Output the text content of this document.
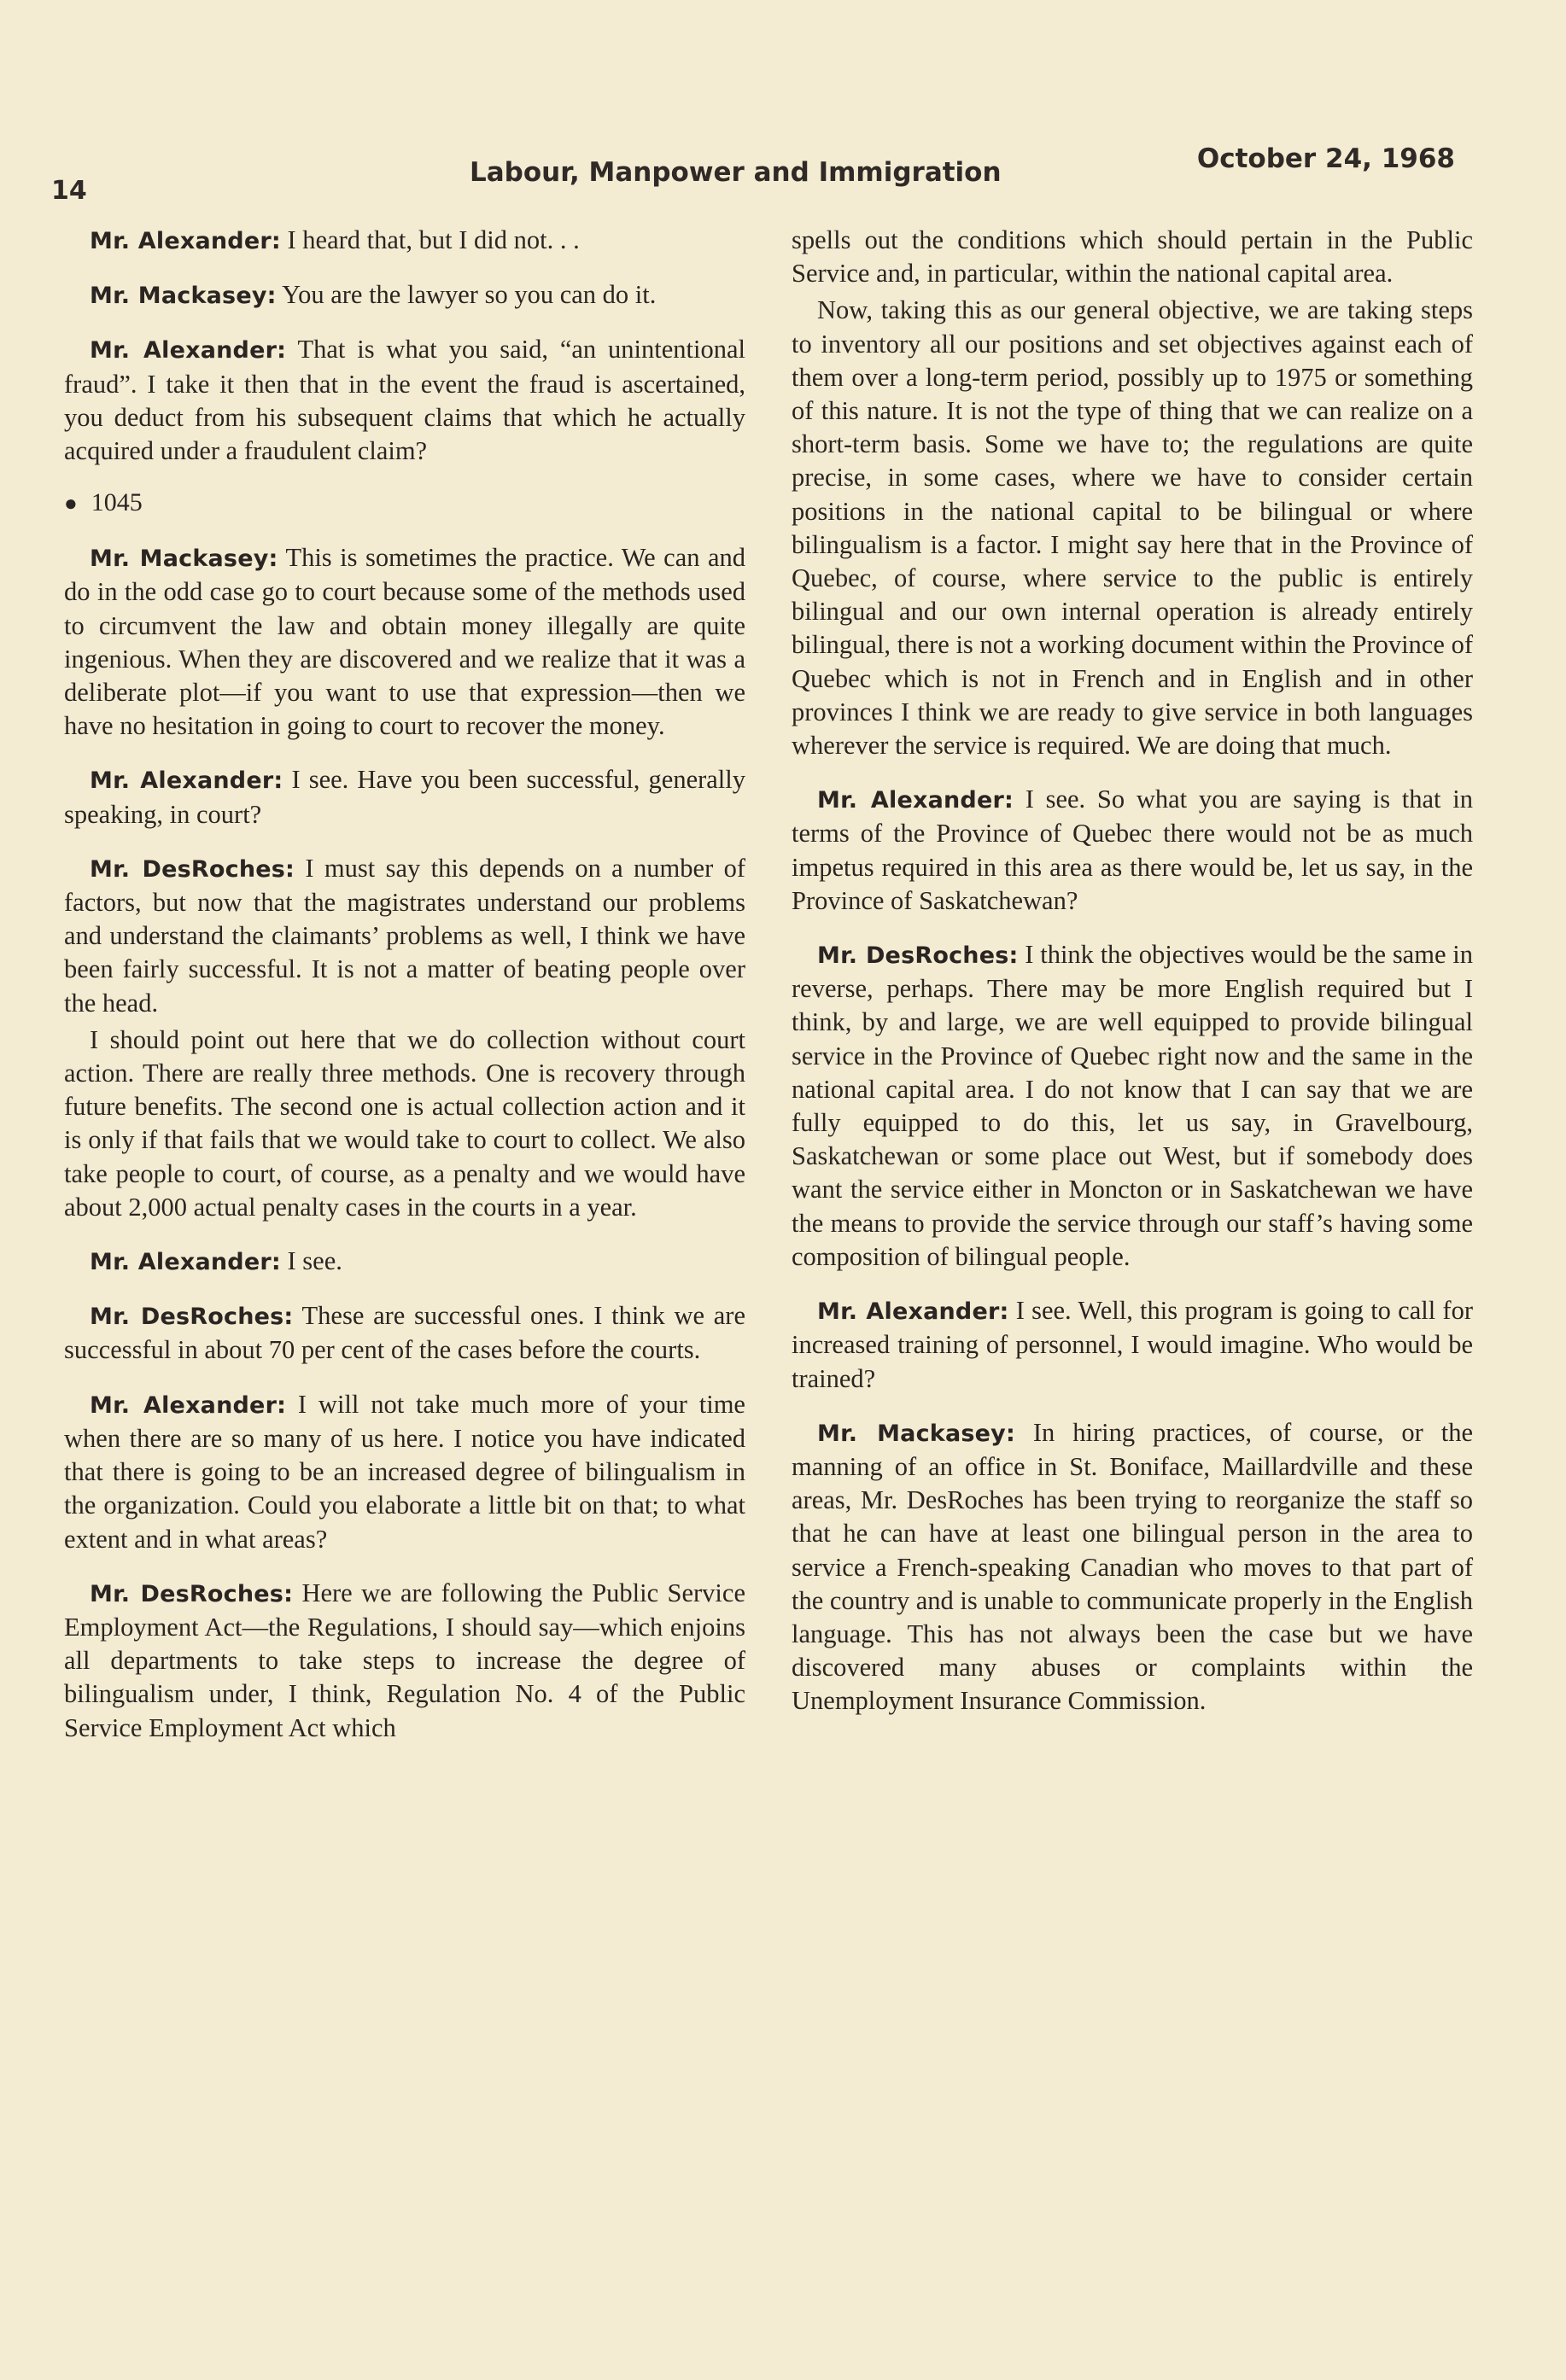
14
Labour, Manpower and Immigration	October 24, 1968

Mr. Alexander: I heard that, but I did not. . .

Mr. Mackasey: You are the lawyer so you can do it.

Mr. Alexander: That is what you said, “an unintentional fraud”. I take it then that in the event the fraud is ascertained, you deduct from his subsequent claims that which he actually acquired under a fraudulent claim?

● 1045

Mr. Mackasey: This is sometimes the practice. We can and do in the odd case go to court because some of the methods used to circumvent the law and obtain money illegally are quite ingenious. When they are discovered and we realize that it was a deliberate plot—if you want to use that expression—then we have no hesitation in going to court to recover the money.

Mr. Alexander: I see. Have you been successful, generally speaking, in court?

Mr. DesRoches: I must say this depends on a number of factors, but now that the magistrates understand our problems and understand the claimants’ problems as well, I think we have been fairly successful. It is not a matter of beating people over the head.

I should point out here that we do collection without court action. There are really three methods. One is recovery through future benefits. The second one is actual collection action and it is only if that fails that we would take to court to collect. We also take people to court, of course, as a penalty and we would have about 2,000 actual penalty cases in the courts in a year.

Mr. Alexander: I see.

Mr. DesRoches: These are successful ones. I think we are successful in about 70 per cent of the cases before the courts.

Mr. Alexander: I will not take much more of your time when there are so many of us here. I notice you have indicated that there is going to be an increased degree of bilingualism in the organization. Could you elaborate a little bit on that; to what extent and in what areas?

Mr. DesRoches: Here we are following the Public Service Employment Act—the Regulations, I should say—which enjoins all departments to take steps to increase the degree of bilingualism under, I think, Regulation No. 4 of the Public Service Employment Act which

spells out the conditions which should pertain in the Public Service and, in particular, within the national capital area.

Now, taking this as our general objective, we are taking steps to inventory all our positions and set objectives against each of them over a long-term period, possibly up to 1975 or something of this nature. It is not the type of thing that we can realize on a short-term basis. Some we have to; the regulations are quite precise, in some cases, where we have to consider certain positions in the national capital to be bilingual or where bilingualism is a factor. I might say here that in the Province of Quebec, of course, where service to the public is entirely bilingual and our own internal operation is already entirely bilingual, there is not a working document within the Province of Quebec which is not in French and in English and in other provinces I think we are ready to give service in both languages wherever the service is required. We are doing that much.

Mr. Alexander: I see. So what you are saying is that in terms of the Province of Quebec there would not be as much impetus required in this area as there would be, let us say, in the Province of Saskatchewan?

Mr. DesRoches: I think the objectives would be the same in reverse, perhaps. There may be more English required but I think, by and large, we are well equipped to provide bilingual service in the Province of Quebec right now and the same in the national capital area. I do not know that I can say that we are fully equipped to do this, let us say, in Gravelbourg, Saskatchewan or some place out West, but if somebody does want the service either in Moncton or in Saskatchewan we have the means to provide the service through our staff’s having some composition of bilingual people.

Mr. Alexander: I see. Well, this program is going to call for increased training of personnel, I would imagine. Who would be trained?

Mr. Mackasey: In hiring practices, of course, or the manning of an office in St. Boniface, Maillardville and these areas, Mr. DesRoches has been trying to reorganize the staff so that he can have at least one bilingual person in the area to service a French-speaking Canadian who moves to that part of the country and is unable to communicate properly in the English language. This has not always been the case but we have discovered many abuses or complaints within the Unemployment Insurance Commission.
